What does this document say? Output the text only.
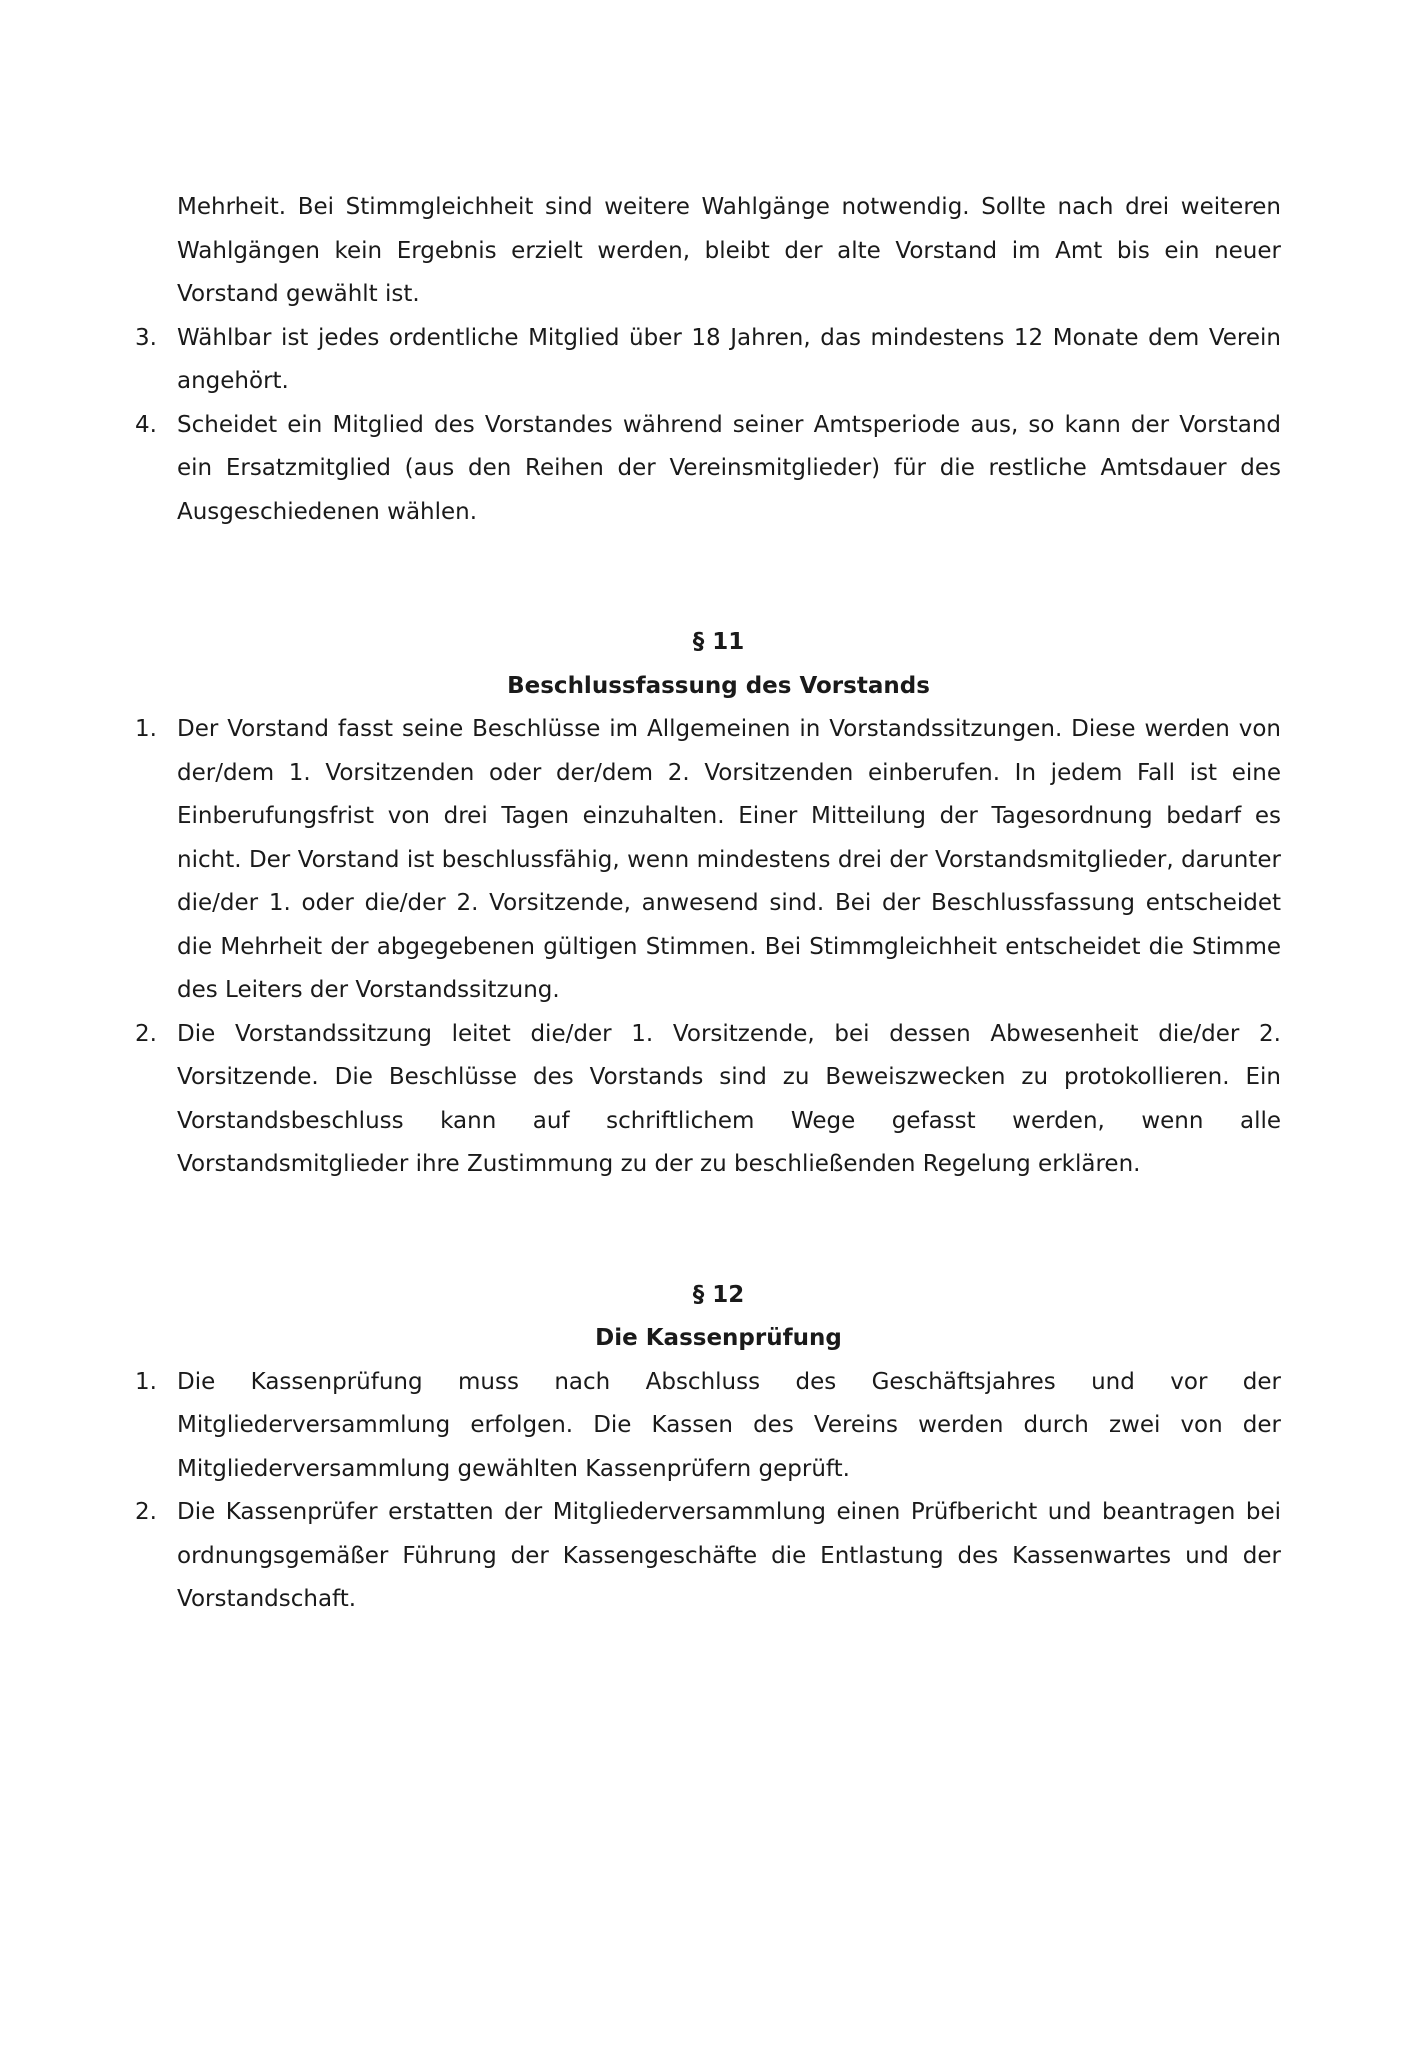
Mehrheit. Bei Stimmgleichheit sind weitere Wahlgänge notwendig. Sollte nach drei weiteren Wahlgängen kein Ergebnis erzielt werden, bleibt der alte Vorstand im Amt bis ein neuer Vorstand gewählt ist.

3. Wählbar ist jedes ordentliche Mitglied über 18 Jahren, das mindestens 12 Monate dem Verein angehört.
4. Scheidet ein Mitglied des Vorstandes während seiner Amtsperiode aus, so kann der Vorstand ein Ersatzmitglied (aus den Reihen der Vereinsmitglieder) für die restliche Amtsdauer des Ausgeschiedenen wählen.

§ 11

Beschlussfassung des Vorstands

1. Der Vorstand fasst seine Beschlüsse im Allgemeinen in Vorstandssitzungen. Diese werden von der/dem 1. Vorsitzenden oder der/dem 2. Vorsitzenden einberufen. In jedem Fall ist eine Einberufungsfrist von drei Tagen einzuhalten. Einer Mitteilung der Tagesordnung bedarf es nicht. Der Vorstand ist beschlussfähig, wenn mindestens drei der Vorstandsmitglieder, darunter die/der 1. oder die/der 2. Vorsitzende, anwesend sind. Bei der Beschlussfassung entscheidet die Mehrheit der abgegebenen gültigen Stimmen. Bei Stimmgleichheit entscheidet die Stimme des Leiters der Vorstandssitzung.
2. Die Vorstandssitzung leitet die/der 1. Vorsitzende, bei dessen Abwesenheit die/der 2. Vorsitzende. Die Beschlüsse des Vorstands sind zu Beweiszwecken zu protokollieren. Ein Vorstandsbeschluss kann auf schriftlichem Wege gefasst werden, wenn alle Vorstandsmitglieder ihre Zustimmung zu der zu beschließenden Regelung erklären.

§ 12

Die Kassenprüfung

1. Die Kassenprüfung muss nach Abschluss des Geschäftsjahres und vor der Mitgliederversammlung erfolgen. Die Kassen des Vereins werden durch zwei von der Mitgliederversammlung gewählten Kassenprüfern geprüft.
2. Die Kassenprüfer erstatten der Mitgliederversammlung einen Prüfbericht und beantragen bei ordnungsgemäßer Führung der Kassengeschäfte die Entlastung des Kassenwartes und der Vorstandschaft.
